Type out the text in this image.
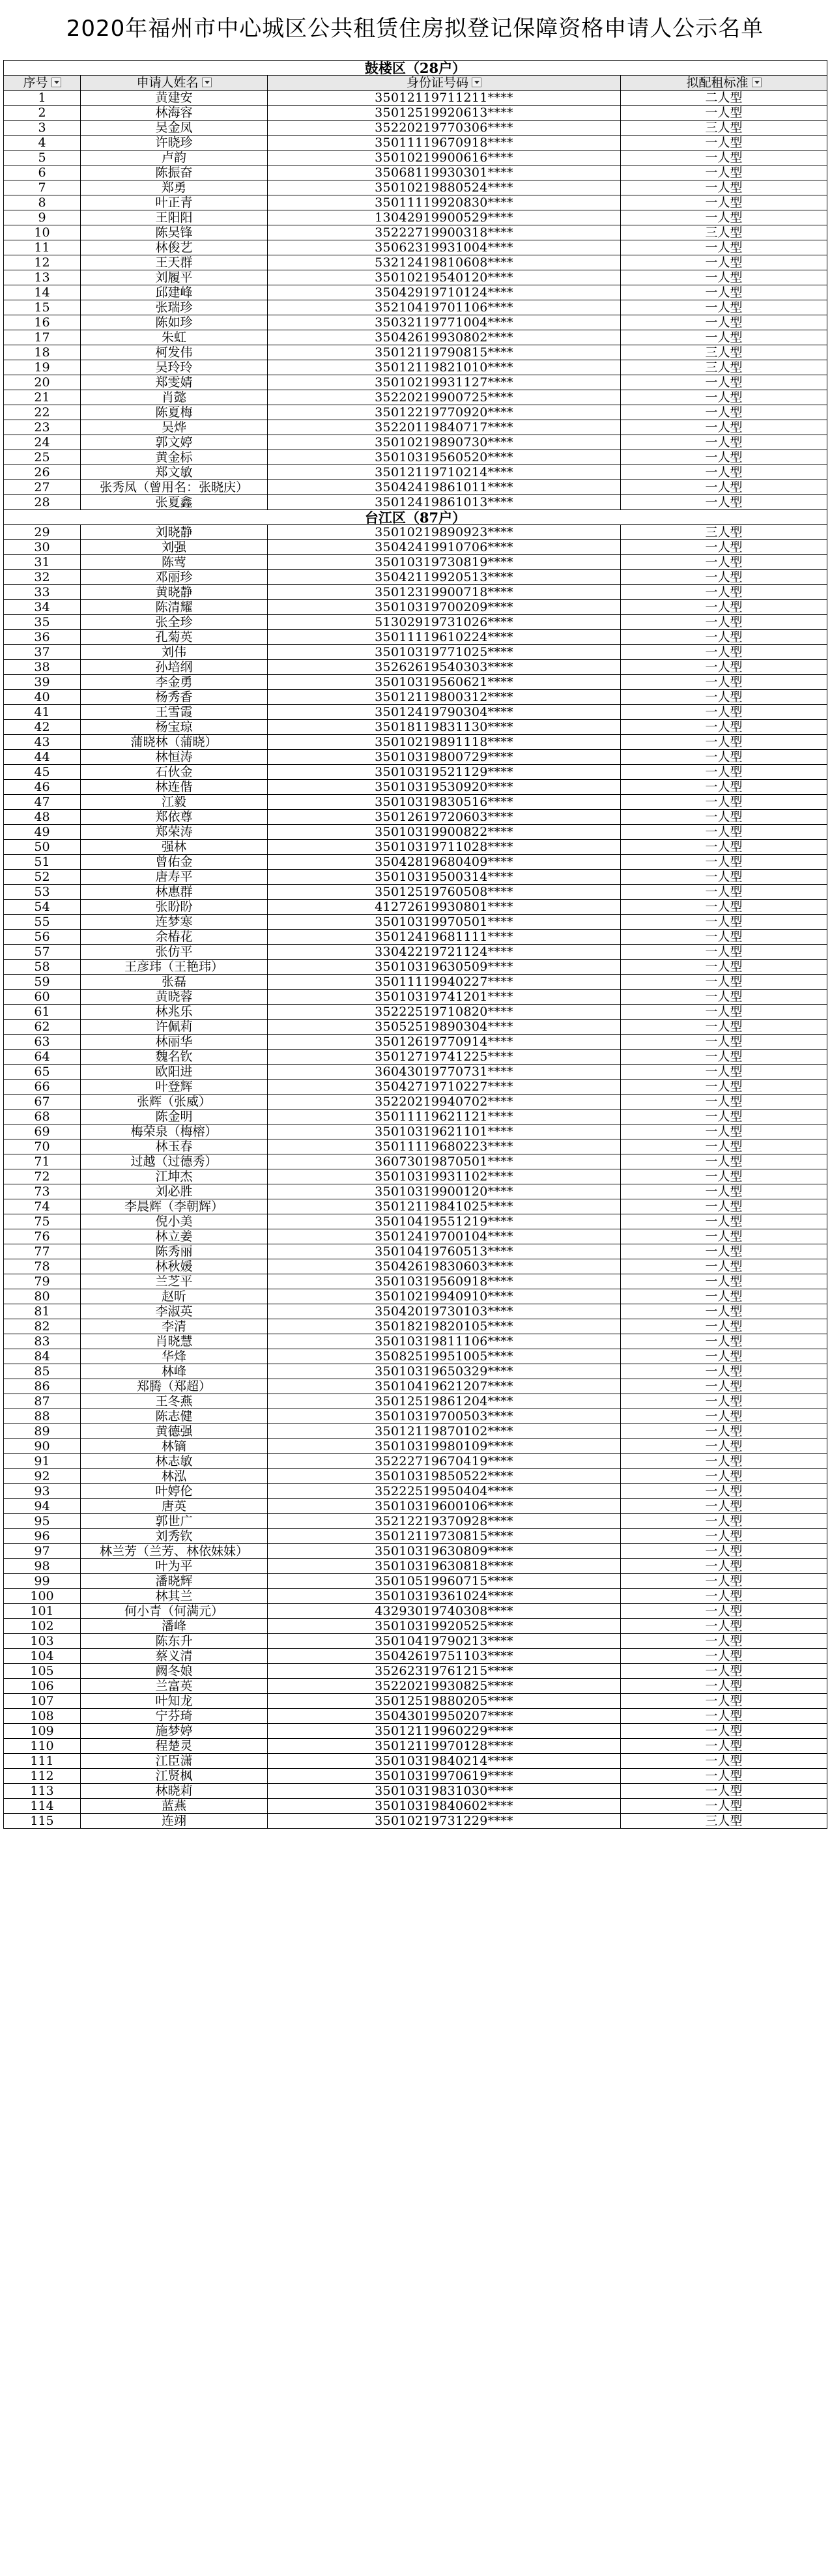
2020年福州市中心城区公共租赁住房拟登记保障资格申请人公示名单
鼓楼区（28户）			
序号	申请人姓名	身份证号码	拟配租标准
1	黄建安	35012119711211****	二人型
2	林海容	35012519920613****	一人型
3	吴金凤	35220219770306****	三人型
4	许晓珍	35011119670918****	一人型
5	卢韵	35010219900616****	一人型
6	陈振奋	35068119930301****	一人型
7	郑勇	35010219880524****	一人型
8	叶正青	35011119920830****	一人型
9	王阳阳	13042919900529****	一人型
10	陈吴锋	35222719900318****	三人型
11	林俊艺	35062319931004****	一人型
12	王天群	53212419810608****	一人型
13	刘履平	35010219540120****	一人型
14	邱建峰	35042919710124****	一人型
15	张瑞珍	35210419701106****	一人型
16	陈如珍	35032119771004****	一人型
17	朱虹	35042619930802****	一人型
18	柯发伟	35012119790815****	三人型
19	吴玲玲	35012119821010****	三人型
20	郑雯婧	35010219931127****	一人型
21	肖懿	35220219900725****	一人型
22	陈夏梅	35012219770920****	一人型
23	吴烨	35220119840717****	一人型
24	郭文婷	35010219890730****	一人型
25	黄金标	35010319560520****	一人型
26	郑文敏	35012119710214****	一人型
27	张秀凤（曾用名：张晓庆）	35042419861011****	一人型
28	张夏鑫	35012419861013****	一人型
台江区（87户）			
29	刘晓静	35010219890923****	三人型
30	刘强	35042419910706****	一人型
31	陈莺	35010319730819****	一人型
32	邓丽珍	35042119920513****	一人型
33	黄晓静	35012319900718****	一人型
34	陈清耀	35010319700209****	一人型
35	张全珍	51302919731026****	一人型
36	孔菊英	35011119610224****	一人型
37	刘伟	35010319771025****	一人型
38	孙培纲	35262619540303****	一人型
39	李金勇	35010319560621****	一人型
40	杨秀香	35012119800312****	一人型
41	王雪霞	35012419790304****	一人型
42	杨宝琼	35018119831130****	一人型
43	蒲晓林（蒲晓）	35010219891118****	一人型
44	林恒涛	35010319800729****	一人型
45	石伙金	35010319521129****	一人型
46	林连偕	35010319530920****	一人型
47	江毅	35010319830516****	一人型
48	郑依尊	35012619720603****	一人型
49	郑荣涛	35010319900822****	一人型
50	强林	35010319711028****	一人型
51	曾佑金	35042819680409****	一人型
52	唐寿平	35010319500314****	一人型
53	林惠群	35012519760508****	一人型
54	张盼盼	41272619930801****	一人型
55	连梦寒	35010319970501****	一人型
56	余椿花	35012419681111****	一人型
57	张仿平	33042219721124****	一人型
58	王彦玮（王艳玮）	35010319630509****	一人型
59	张磊	35011119940227****	一人型
60	黄晓蓉	35010319741201****	一人型
61	林兆乐	35222519710820****	一人型
62	许佩莉	35052519890304****	一人型
63	林丽华	35012619770914****	一人型
64	魏名钦	35012719741225****	一人型
65	欧阳进	36043019770731****	一人型
66	叶登辉	35042719710227****	一人型
67	张辉（张威）	35220219940702****	一人型
68	陈金明	35011119621121****	一人型
69	梅荣泉（梅榕）	35010319621101****	一人型
70	林玉春	35011119680223****	一人型
71	过越（过德秀）	36073019870501****	一人型
72	江坤杰	35010319931102****	一人型
73	刘必胜	35010319900120****	一人型
74	李晨辉（李朝辉）	35012119841025****	一人型
75	倪小美	35010419551219****	一人型
76	林立姜	35012419700104****	一人型
77	陈秀丽	35010419760513****	一人型
78	林秋媛	35042619830603****	一人型
79	兰芝平	35010319560918****	一人型
80	赵昕	35010219940910****	一人型
81	李淑英	35042019730103****	一人型
82	李清	35018219820105****	一人型
83	肖晓慧	35010319811106****	一人型
84	华烽	35082519951005****	一人型
85	林峰	35010319650329****	一人型
86	郑腾（郑超）	35010419621207****	一人型
87	王冬燕	35012519861204****	一人型
88	陈志健	35010319700503****	一人型
89	黄德强	35012119870102****	一人型
90	林镝	35010319980109****	一人型
91	林志敏	35222719670419****	一人型
92	林泓	35010319850522****	一人型
93	叶婷伦	35222519950404****	一人型
94	唐英	35010319600106****	一人型
95	郭世广	35212219370928****	一人型
96	刘秀钦	35012119730815****	一人型
97	林兰芳（兰芳、林依妹妹）	35010319630809****	一人型
98	叶为平	35010319630818****	一人型
99	潘晓辉	35010519960715****	一人型
100	林其兰	35010319361024****	一人型
101	何小青（何满元）	43293019740308****	一人型
102	潘峰	35010319920525****	一人型
103	陈东升	35010419790213****	一人型
104	蔡义清	35042619751103****	一人型
105	阙冬娘	35262319761215****	一人型
106	兰富英	35220219930825****	一人型
107	叶知龙	35012519880205****	一人型
108	宁芬琦	35043019950207****	一人型
109	施梦婷	35012119960229****	一人型
110	程楚灵	35012119970128****	一人型
111	江臣潇	35010319840214****	一人型
112	江贤枫	35010319970619****	一人型
113	林晓莉	35010319831030****	一人型
114	蓝燕	35010319840602****	一人型
115	连翊	35010219731229****	三人型
